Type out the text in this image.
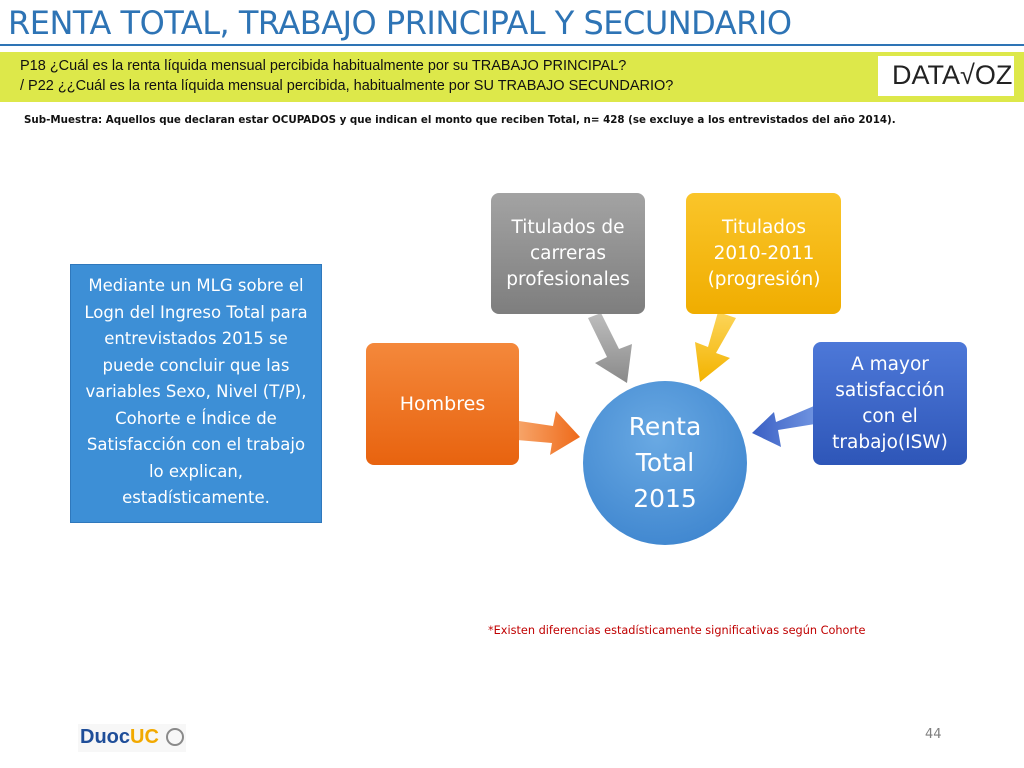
RENTA TOTAL, TRABAJO PRINCIPAL Y SECUNDARIO
P18 ¿Cuál es la renta líquida mensual percibida habitualmente por su TRABAJO PRINCIPAL?
/ P22 ¿¿Cuál es la renta líquida mensual percibida, habitualmente por SU TRABAJO SECUNDARIO?	DATA√OZ
Sub-Muestra: Aquellos que declaran estar OCUPADOS y que indican el monto que reciben Total, n= 428 (se excluye a los entrevistados del año 2014).
Hombres
Titulados de carreras profesionales
Titulados 2010-2011 (progresión)
A mayor satisfacción con el trabajo(ISW)
Renta Total 2015
Mediante un MLG sobre el Logn del Ingreso Total para entrevistados 2015 se puede concluir que las variables Sexo, Nivel (T/P), Cohorte e Índice de Satisfacción con el trabajo lo explican, estadísticamente.
*Existen diferencias estadísticamente significativas según Cohorte
DuocUC	44
